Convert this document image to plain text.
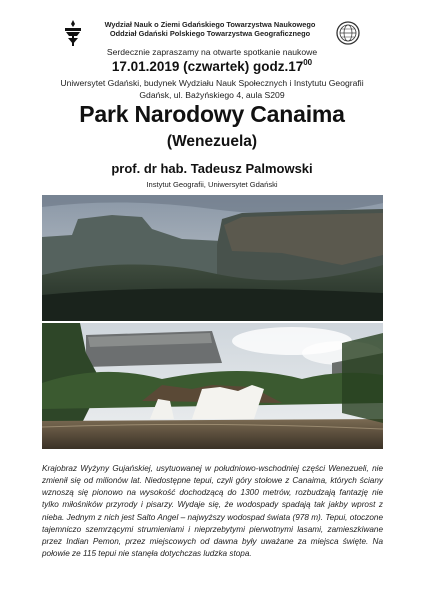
Wydział Nauk o Ziemi Gdańskiego Towarzystwa Naukowego
Oddział Gdański Polskiego Towarzystwa Geograficznego
Serdecznie zapraszamy na otwarte spotkanie naukowe
17.01.2019 (czwartek) $godz.17^{00}$
Uniwersytet Gdański, budynek Wydziału Nauk Społecznych i Instytutu Geografii
Gdańsk, ul. Bażyńskiego 4, aula S209
Park Narodowy Canaima
(Wenezuela)
prof. dr hab. Tadeusz Palmowski
Instytut Geografii, Uniwersytet Gdański

Krajobraz Wyżyny Gujańskiej, usytuowanej w południowo-wschodniej części Wenezueli, nie zmienił się od milionów lat. Niedostępne tepui, czyli góry stołowe z Canaima, których ściany wznoszą się pionowo na wysokość dochodzącą do 1300 metrów, rozbudzają fantazję nie tylko miłośników przyrody i pisarzy. Wydaje się, że wodospady spadają tak jakby wprost z nieba. Jednym z nich jest Salto Angel – najwyższy wodospad świata (978 m). Tepui, otoczone tajemniczo szemrzącymi strumieniami i nieprzebytymi pierwotnymi lasami, zamieszkiwane przez Indian Pemon, przez miejscowych od dawna były uważane za miejsca święte. Na połowie ze 115 tepui nie stanęła dotychczas ludzka stopa.
